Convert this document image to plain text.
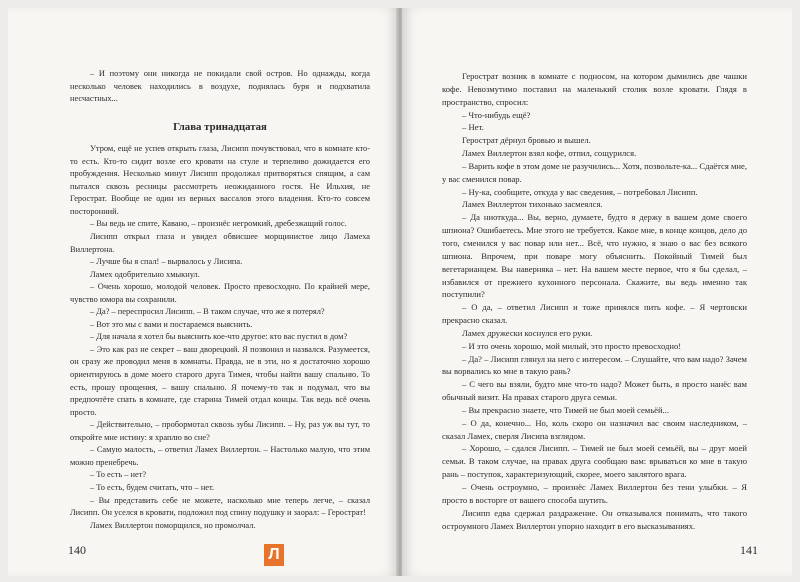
– И поэтому они никогда не покидали свой остров. Но однажды, когда несколько человек находились в воздухе, поднялась буря и подхватила несчастных...

Глава тринадцатая

Утром, ещё не успев открыть глаза, Лисипп почувствовал, что в комнате кто-то есть. Кто-то сидит возле его кровати на стуле и терпеливо дожидается его пробуждения. Несколько минут Лисипп продолжал притворяться спящим, а сам пытался сквозь ресницы рассмотреть неожиданного гостя. Не Ильхия, не Герострат. Вообще не один из верных вассалов этого владения. Кто-то совсем посторонний.

– Вы ведь не спите, Кавано, – произнёс негромкий, дребезжащий голос.

Лисипп открыл глаза и увидел обвисшее морщинистое лицо Ламеха Виллертона.

– Лучше бы я спал! – вырвалось у Лисипа.

Ламех одобрительно хмыкнул.

– Очень хорошо, молодой человек. Просто превосходно. По крайней мере, чувство юмора вы сохранили.

– Да? – переспросил Лисипп. – В таком случае, что же я потерял?

– Вот это мы с вами и постараемся выяснить.

– Для начала я хотел бы выяснить кое-что другое: кто вас пустил в дом?

– Это как раз не секрет – ваш дворецкий. Я позвонил и назвался. Разумеется, он сразу же проводил меня в комнаты. Правда, не в эти, но я достаточно хорошо ориентируюсь в доме моего старого друга Тимея, чтобы найти вашу спальню. То есть, прошу прощения, – вашу спальню. Я почему-то так и подумал, что вы предпочтёте спать в комнате, где старина Тимей отдал концы. Так ведь всё очень просто.

– Действительно, – пробормотал сквозь зубы Лисипп. – Ну, раз уж вы тут, то откройте мне истину: я храплю во сне?

– Самую малость, – ответил Ламех Виллертон. – Настолько малую, что этим можно пренебречь.

– То есть – нет?

– То есть, будем считать, что – нет.

– Вы представить себе не можете, насколько мне теперь легче, – сказал Лисипп. Он уселся в кровати, подложил под спину подушку и заорал: – Герострат!

Ламех Виллертон поморщился, но промолчал.

140	Л

Герострат возник в комнате с подносом, на котором дымились две чашки кофе. Невозмутимо поставил на маленький столик возле кровати. Глядя в пространство, спросил:

– Что-нибудь ещё?

– Нет.

Герострат дёрнул бровью и вышел.

Ламех Виллертон взял кофе, отпил, сощурился.

– Варить кофе в этом доме не разучились... Хотя, позвольте-ка... Сдаётся мне, у вас сменился повар.

– Ну-ка, сообщите, откуда у вас сведения, – потребовал Лисипп.

Ламех Виллертон тихонько засмеялся.

– Да ниоткуда... Вы, верно, думаете, будто я держу в вашем доме своего шпиона? Ошибаетесь. Мне этого не требуется. Какое мне, в конце концов, дело до того, сменился у вас повар или нет... Всё, что нужно, я знаю о вас без всякого шпиона. Впрочем, при поваре могу объяснить. Покойный Тимей был вегетарианцем. Вы наверняка – нет. На вашем месте первое, что я бы сделал, – избавился от прежнего кухонного персонала. Скажите, вы ведь именно так поступили?

– О да, – ответил Лисипп и тоже принялся пить кофе. – Я чертовски прекрасно сказал.

Ламех дружески коснулся его руки.

– И это очень хорошо, мой милый, это просто превосходно!

– Да? – Лисипп глянул на него с интересом. – Слушайте, что вам надо? Зачем вы ворвались ко мне в такую рань?

– С чего вы взяли, будто мне что-то надо? Может быть, я просто нанёс вам обычный визит. На правах старого друга семьи.

– Вы прекрасно знаете, что Тимей не был моей семьёй...

– О да, конечно... Но, коль скоро он назначил вас своим наследником, – сказал Ламех, сверля Лисипа взглядом.

– Хорошо, – сдался Лисипп. – Тимей не был моей семьёй, вы – друг моей семьи. В таком случае, на правах друга сообщаю вам: врываться ко мне в такую рань – поступок, характеризующий, скорее, моего заклятого врага.

– Очень остроумно, – произнёс Ламех Виллертон без тени улыбки. – Я просто в восторге от вашего способа шутить.

Лисипп едва сдержал раздражение. Он отказывался понимать, что такого остроумного Ламех Виллертон упорно находит в его высказываниях.

141
